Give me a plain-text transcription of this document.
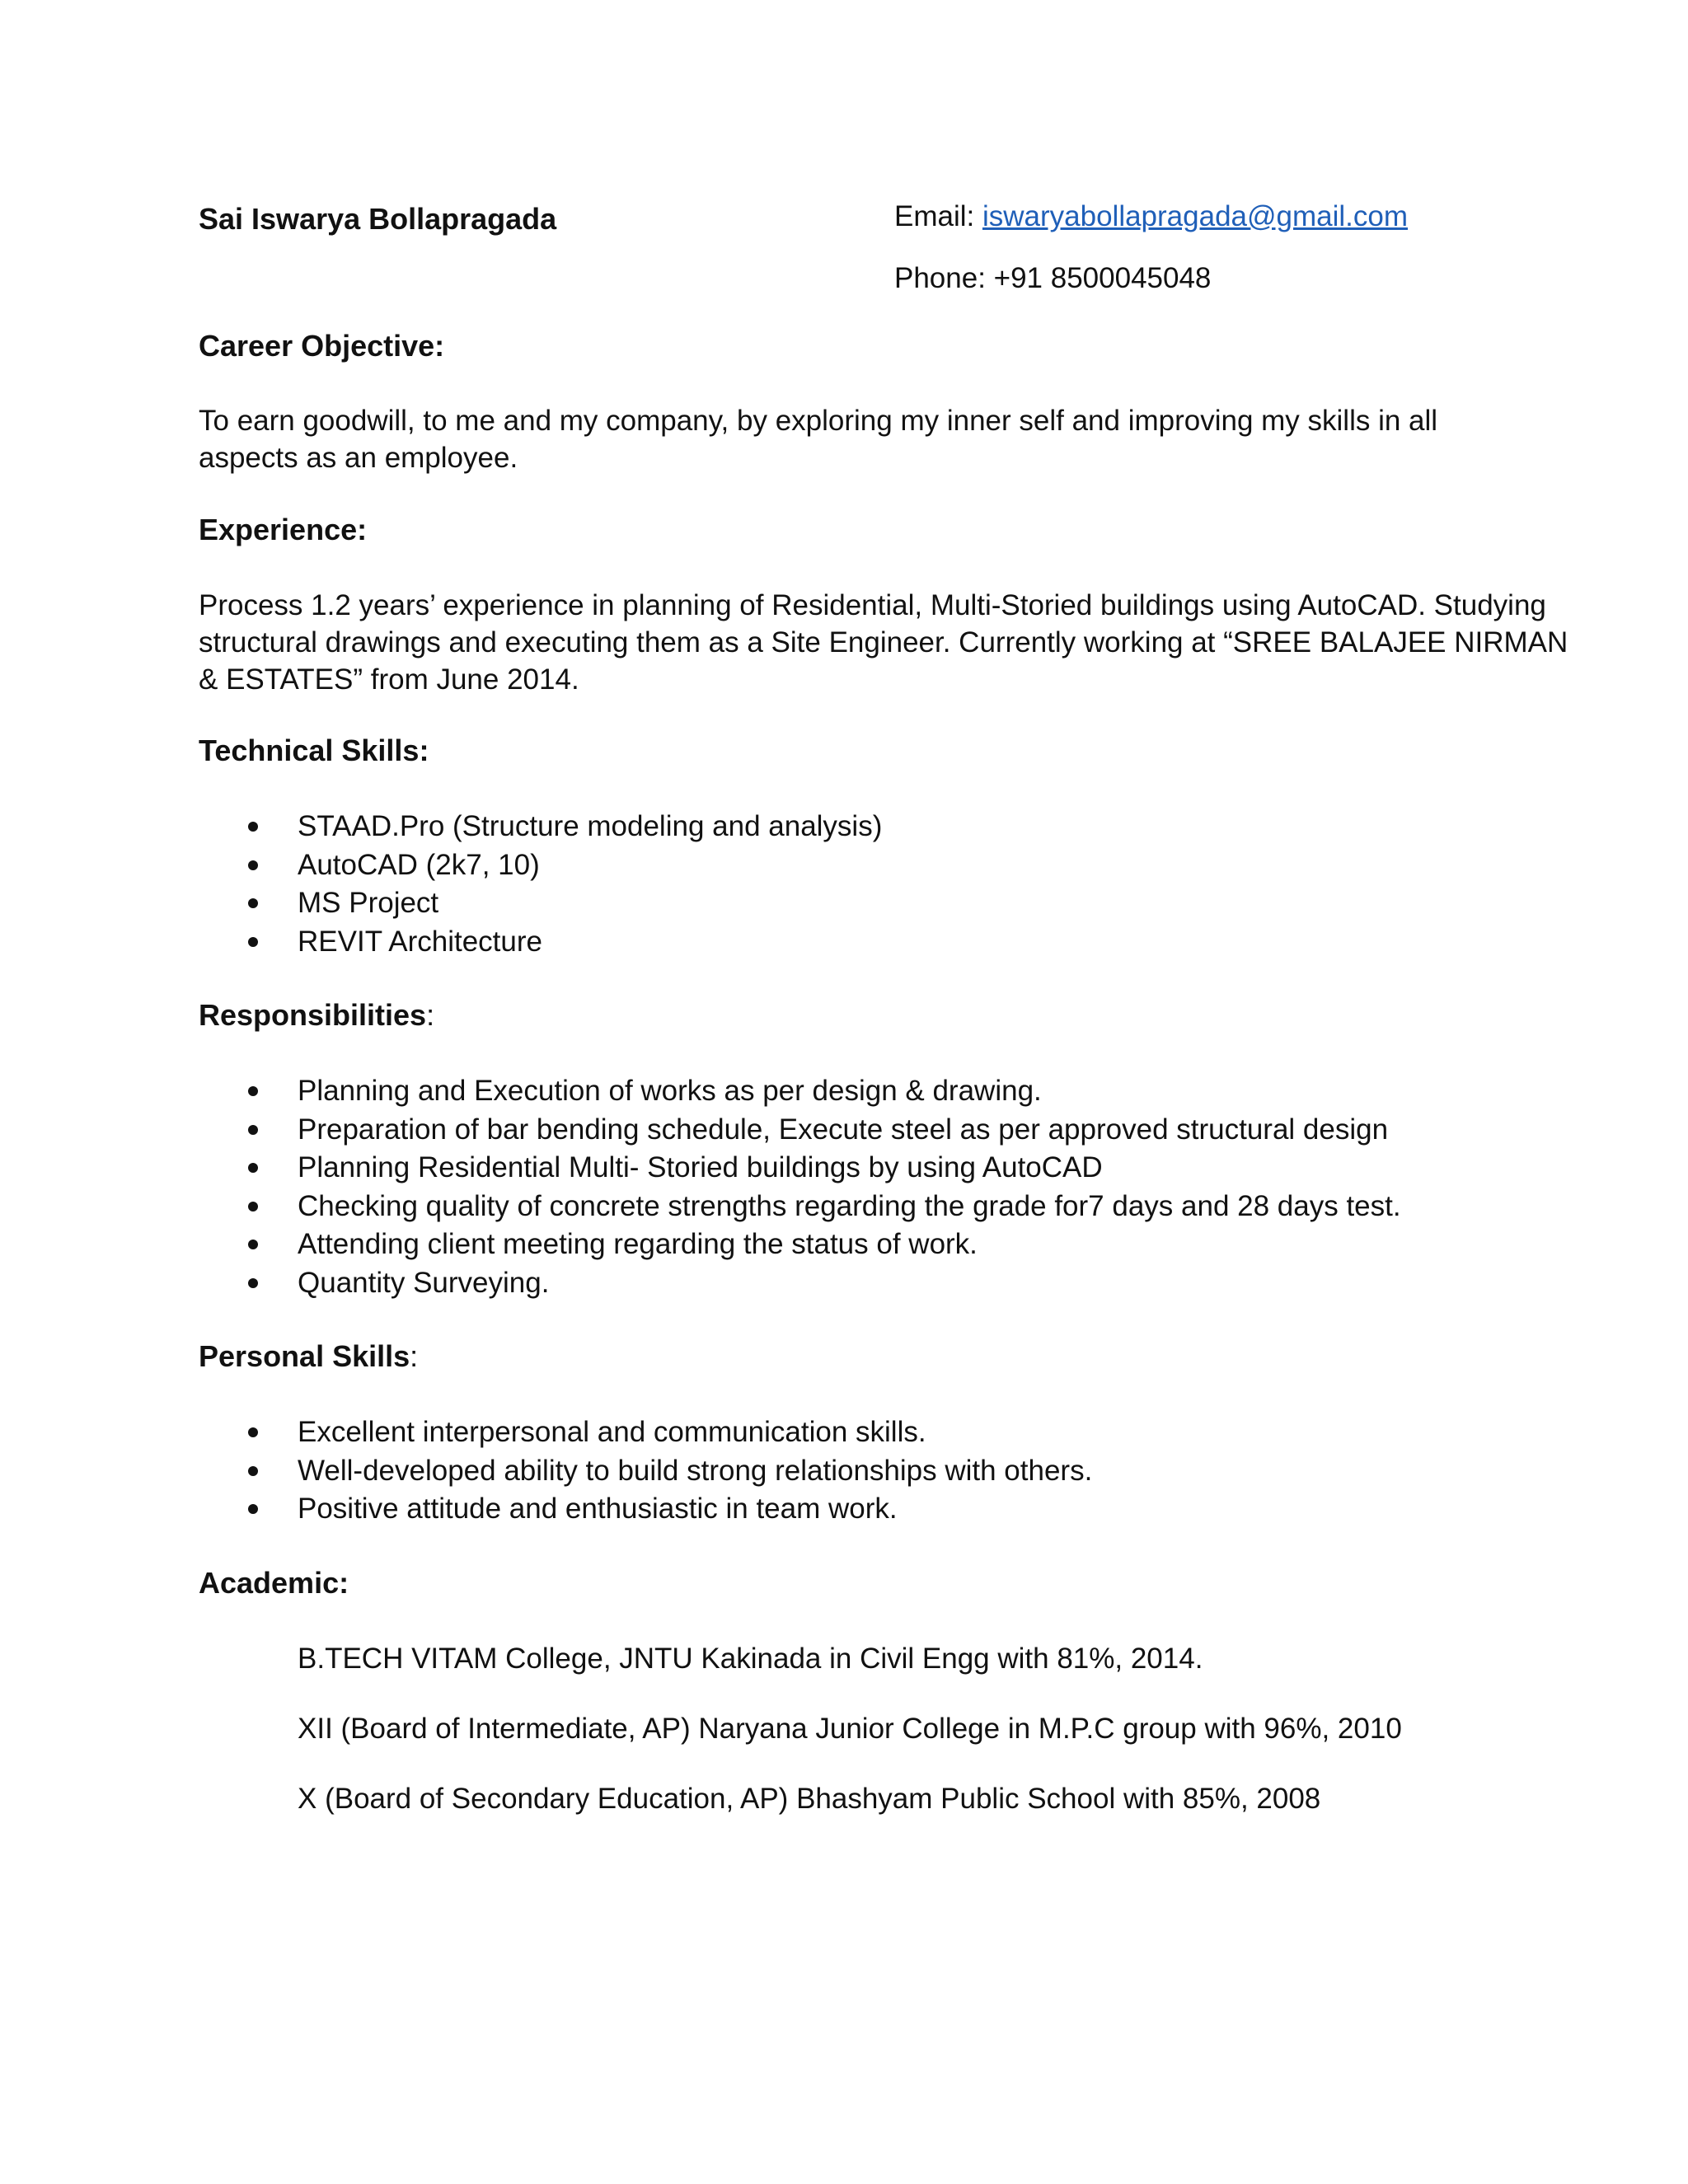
Sai Iswarya Bollapragada	Email: iswaryabollapragada@gmail.com
Phone: +91 8500045048
Career Objective:
To earn goodwill, to me and my company, by exploring my inner self and improving my skills in all
aspects as an employee.
Experience:
Process 1.2 years’ experience in planning of Residential, Multi-Storied buildings using AutoCAD. Studying
structural drawings and executing them as a Site Engineer. Currently working at “SREE BALAJEE NIRMAN
& ESTATES” from June 2014.
Technical Skills:
STAAD.Pro (Structure modeling and analysis)
AutoCAD (2k7, 10)
MS Project
REVIT Architecture
Responsibilities:
Planning and Execution of works as per design & drawing.
Preparation of bar bending schedule, Execute steel as per approved structural design
Planning Residential Multi- Storied buildings by using AutoCAD
Checking quality of concrete strengths regarding the grade for7 days and 28 days test.
Attending client meeting regarding the status of work.
Quantity Surveying.
Personal Skills:
Excellent interpersonal and communication skills.
Well-developed ability to build strong relationships with others.
Positive attitude and enthusiastic in team work.
Academic:
B.TECH VITAM College, JNTU Kakinada in Civil Engg with 81%, 2014.
XII (Board of Intermediate, AP) Naryana Junior College in M.P.C group with 96%, 2010
X (Board of Secondary Education, AP) Bhashyam Public School with 85%, 2008
